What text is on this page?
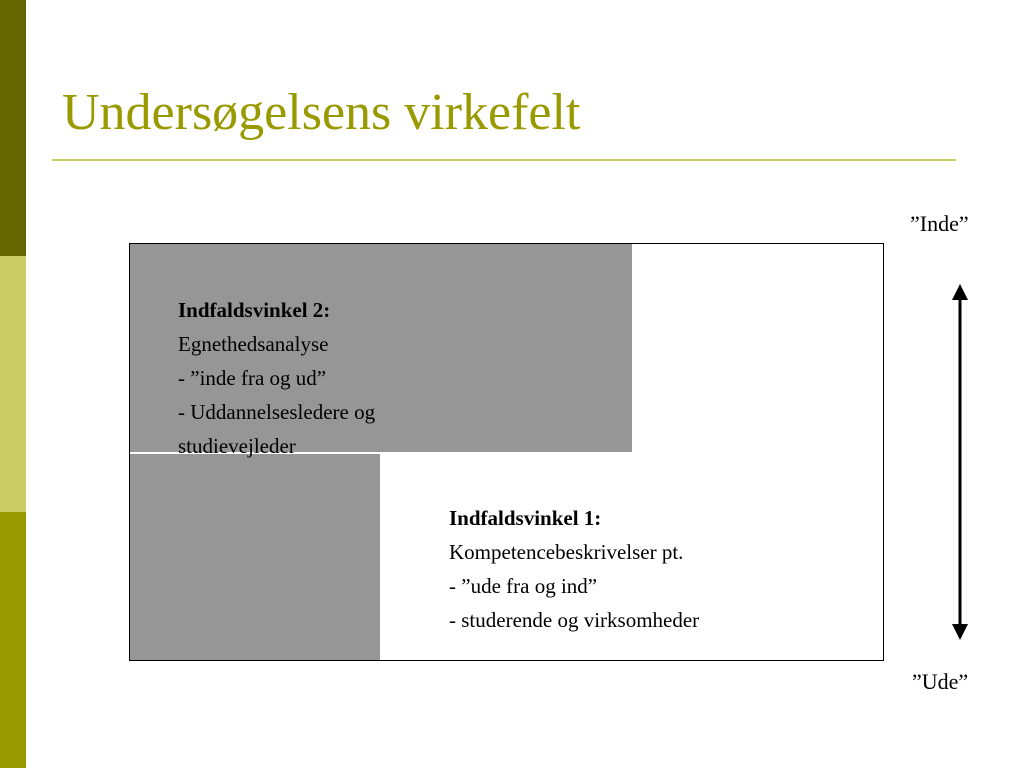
Undersøgelsens virkefelt
Indfaldsvinkel 2:
Egnethedsanalyse
- ”inde fra og ud”
- Uddannelsesledere og
studievejleder
Indfaldsvinkel 1:
Kompetencebeskrivelser pt.
- ”ude fra og ind”
- studerende og virksomheder
”Inde”
”Ude”
